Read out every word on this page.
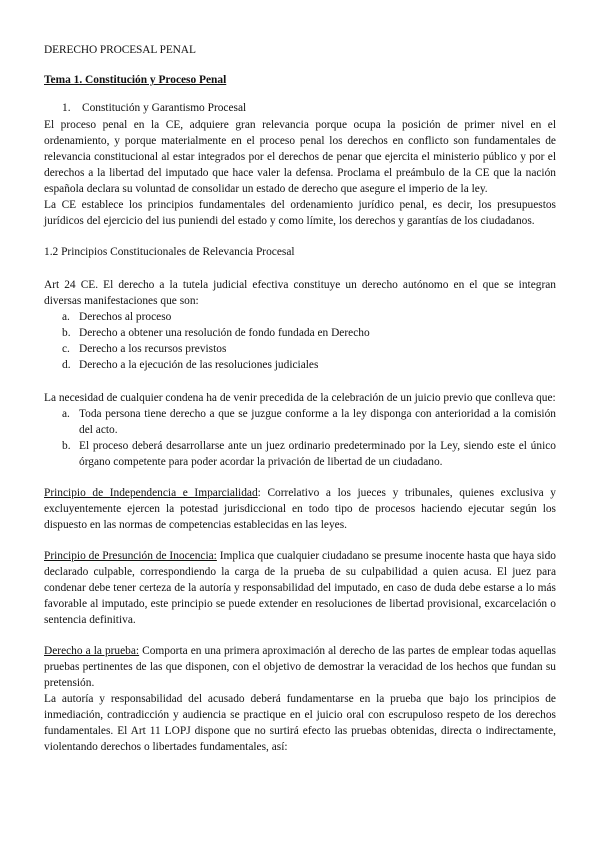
DERECHO PROCESAL PENAL
Tema 1. Constitución y Proceso Penal
1. Constitución y Garantismo Procesal

El proceso penal en la CE, adquiere gran relevancia porque ocupa la posición de primer nivel en el ordenamiento, y porque materialmente en el proceso penal los derechos en conflicto son fundamentales de relevancia constitucional al estar integrados por el derechos de penar que ejercita el ministerio público y por el derechos a la libertad del imputado que hace valer la defensa. Proclama el preámbulo de la CE que la nación española declara su voluntad de consolidar un estado de derecho que asegure el imperio de la ley.

La CE establece los principios fundamentales del ordenamiento jurídico penal, es decir, los presupuestos jurídicos del ejercicio del ius puniendi del estado y como límite, los derechos y garantías de los ciudadanos.

1.2 Principios Constitucionales de Relevancia Procesal

Art 24 CE. El derecho a la tutela judicial efectiva constituye un derecho autónomo en el que se integran diversas manifestaciones que son:

a. Derechos al proceso
b. Derecho a obtener una resolución de fondo fundada en Derecho
c. Derecho a los recursos previstos
d. Derecho a la ejecución de las resoluciones judiciales

La necesidad de cualquier condena ha de venir precedida de la celebración de un juicio previo que conlleva que:

a. Toda persona tiene derecho a que se juzgue conforme a la ley disponga con anterioridad a la comisión del acto.
b. El proceso deberá desarrollarse ante un juez ordinario predeterminado por la Ley, siendo este el único órgano competente para poder acordar la privación de libertad de un ciudadano.

Principio de Independencia e Imparcialidad: Correlativo a los jueces y tribunales, quienes exclusiva y excluyentemente ejercen la potestad jurisdiccional en todo tipo de procesos haciendo ejecutar según los dispuesto en las normas de competencias establecidas en las leyes.

Principio de Presunción de Inocencia: Implica que cualquier ciudadano se presume inocente hasta que haya sido declarado culpable, correspondiendo la carga de la prueba de su culpabilidad a quien acusa. El juez para condenar debe tener certeza de la autoría y responsabilidad del imputado, en caso de duda debe estarse a lo más favorable al imputado, este principio se puede extender en resoluciones de libertad provisional, excarcelación o sentencia definitiva.

Derecho a la prueba: Comporta en una primera aproximación al derecho de las partes de emplear todas aquellas pruebas pertinentes de las que disponen, con el objetivo de demostrar la veracidad de los hechos que fundan su pretensión.

La autoría y responsabilidad del acusado deberá fundamentarse en la prueba que bajo los principios de inmediación, contradicción y audiencia se practique en el juicio oral con escrupuloso respeto de los derechos fundamentales. El Art 11 LOPJ dispone que no surtirá efecto las pruebas obtenidas, directa o indirectamente, violentando derechos o libertades fundamentales, así:
